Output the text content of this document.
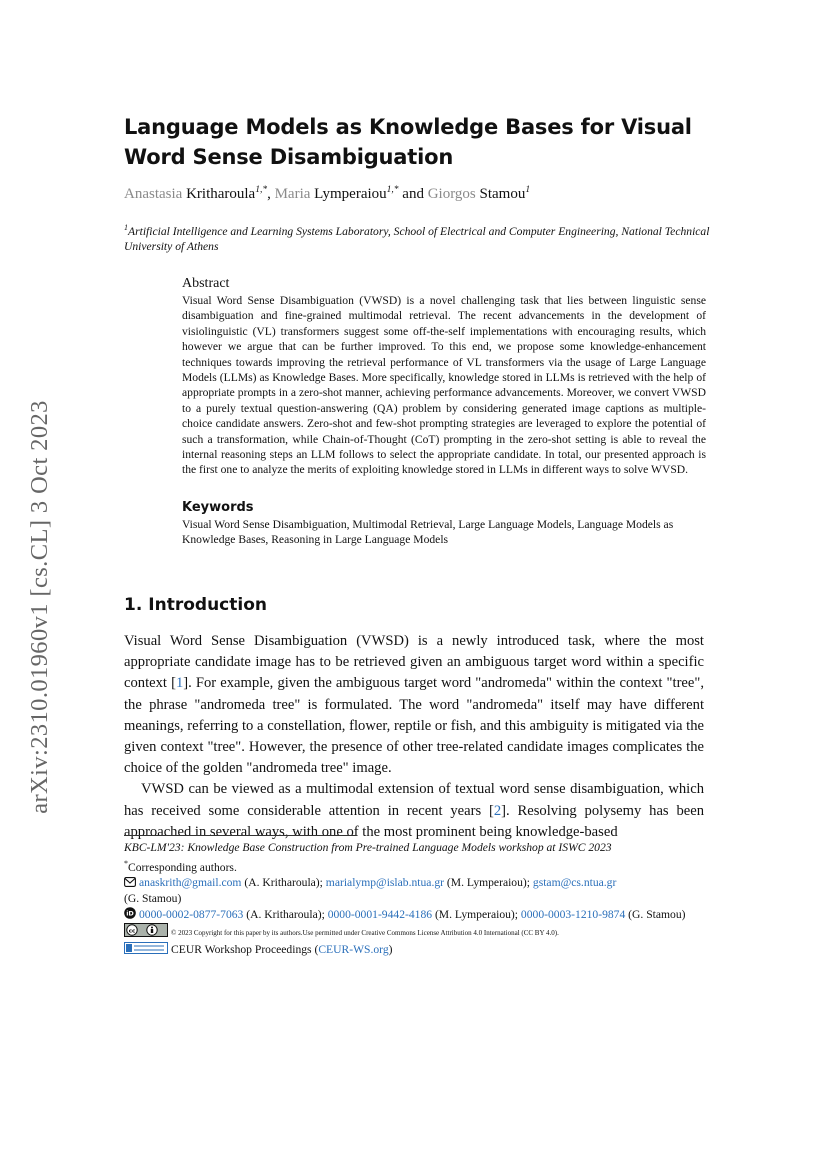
arXiv:2310.01960v1 [cs.CL] 3 Oct 2023
Language Models as Knowledge Bases for Visual Word Sense Disambiguation
Anastasia Kritharoula$^{1,*}$, Maria Lymperaiou$^{1,*}$ and Giorgos Stamou$^1$
$^1$Artificial Intelligence and Learning Systems Laboratory, School of Electrical and Computer Engineering, National Technical University of Athens
Abstract
Visual Word Sense Disambiguation (VWSD) is a novel challenging task that lies between linguistic sense disambiguation and fine-grained multimodal retrieval. The recent advancements in the development of visiolinguistic (VL) transformers suggest some off-the-self implementations with encouraging results, which however we argue that can be further improved. To this end, we propose some knowledge-enhancement techniques towards improving the retrieval performance of VL transformers via the usage of Large Language Models (LLMs) as Knowledge Bases. More specifically, knowledge stored in LLMs is retrieved with the help of appropriate prompts in a zero-shot manner, achieving performance advancements. Moreover, we convert VWSD to a purely textual question-answering (QA) problem by considering generated image captions as multiple-choice candidate answers. Zero-shot and few-shot prompting strategies are leveraged to explore the potential of such a transformation, while Chain-of-Thought (CoT) prompting in the zero-shot setting is able to reveal the internal reasoning steps an LLM follows to select the appropriate candidate. In total, our presented approach is the first one to analyze the merits of exploiting knowledge stored in LLMs in different ways to solve WVSD.
Keywords
Visual Word Sense Disambiguation, Multimodal Retrieval, Large Language Models, Language Models as Knowledge Bases, Reasoning in Large Language Models
1. Introduction

Visual Word Sense Disambiguation (VWSD) is a newly introduced task, where the most appropriate candidate image has to be retrieved given an ambiguous target word within a specific context [1]. For example, given the ambiguous target word "andromeda" within the context "tree", the phrase "andromeda tree" is formulated. The word "andromeda" itself may have different meanings, referring to a constellation, flower, reptile or fish, and this ambiguity is mitigated via the given context "tree". However, the presence of other tree-related candidate images complicates the choice of the golden "andromeda tree" image.

VWSD can be viewed as a multimodal extension of textual word sense disambiguation, which has received some considerable attention in recent years [2]. Resolving polysemy has been approached in several ways, with one of the most prominent being knowledge-based

KBC-LM'23: Knowledge Base Construction from Pre-trained Language Models workshop at ISWC 2023
*Corresponding authors.
anaskrith@gmail.com (A. Kritharoula); marialymp@islab.ntua.gr (M. Lymperaiou); gstam@cs.ntua.gr
(G. Stamou)
iD 0000-0002-0877-7063 (A. Kritharoula); 0000-0001-9442-4186 (M. Lymperaiou); 0000-0003-1210-9874 (G. Stamou)
cc	© 2023 Copyright for this paper by its authors.Use permitted under Creative Commons License Attribution 4.0 International (CC BY 4.0).
CEUR Workshop Proceedings (CEUR-WS.org)
